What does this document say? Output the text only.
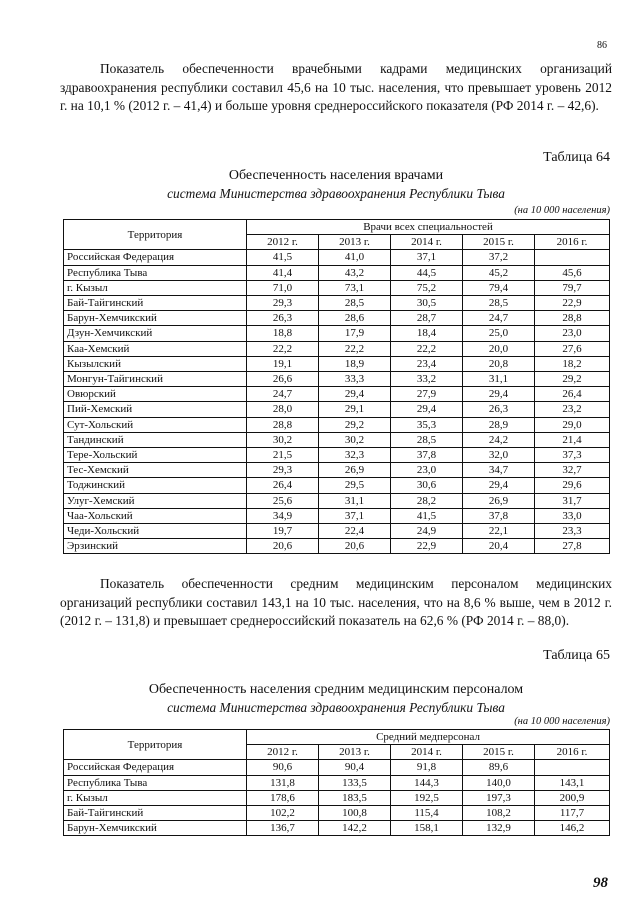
86

Показатель обеспеченности врачебными кадрами медицинских организаций здравоохранения республики составил 45,6 на 10 тыс. населения, что превышает уровень 2012 г. на 10,1 % (2012 г. – 41,4) и больше уровня среднероссийского показателя (РФ 2014 г. – 42,6).

Таблица 64
Обеспеченность населения врачами
система Министерства здравоохранения Республики Тыва
(на 10 000 населения)
Территория	Врачи всех специальностей				
	2012 г.	2013 г.	2014 г.	2015 г.	2016 г.
Российская Федерация	41,5	41,0	37,1	37,2	
Республика Тыва	41,4	43,2	44,5	45,2	45,6
г. Кызыл	71,0	73,1	75,2	79,4	79,7
Бай-Тайгинский	29,3	28,5	30,5	28,5	22,9
Барун-Хемчикский	26,3	28,6	28,7	24,7	28,8
Дзун-Хемчикский	18,8	17,9	18,4	25,0	23,0
Каа-Хемский	22,2	22,2	22,2	20,0	27,6
Кызылский	19,1	18,9	23,4	20,8	18,2
Монгун-Тайгинский	26,6	33,3	33,2	31,1	29,2
Овюрский	24,7	29,4	27,9	29,4	26,4
Пий-Хемский	28,0	29,1	29,4	26,3	23,2
Сут-Хольский	28,8	29,2	35,3	28,9	29,0
Тандинский	30,2	30,2	28,5	24,2	21,4
Тере-Хольский	21,5	32,3	37,8	32,0	37,3
Тес-Хемский	29,3	26,9	23,0	34,7	32,7
Тоджинский	26,4	29,5	30,6	29,4	29,6
Улуг-Хемский	25,6	31,1	28,2	26,9	31,7
Чаа-Хольский	34,9	37,1	41,5	37,8	33,0
Чеди-Хольский	19,7	22,4	24,9	22,1	23,3
Эрзинский	20,6	20,6	22,9	20,4	27,8

Показатель обеспеченности средним медицинским персоналом медицинских организаций республики составил 143,1 на 10 тыс. населения, что на 8,6 % выше, чем в 2012 г. (2012 г. – 131,8) и превышает среднероссийский показатель на 62,6 % (РФ 2014 г. – 88,0).

Таблица 65
Обеспеченность населения средним медицинским персоналом
система Министерства здравоохранения Республики Тыва
(на 10 000 населения)
Территория	Средний медперсонал				
	2012 г.	2013 г.	2014 г.	2015 г.	2016 г.
Российская Федерация	90,6	90,4	91,8	89,6	
Республика Тыва	131,8	133,5	144,3	140,0	143,1
г. Кызыл	178,6	183,5	192,5	197,3	200,9
Бай-Тайгинский	102,2	100,8	115,4	108,2	117,7
Барун-Хемчикский	136,7	142,2	158,1	132,9	146,2
98
